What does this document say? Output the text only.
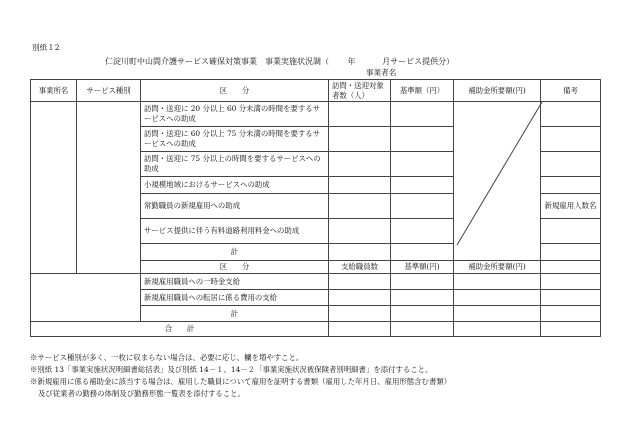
別紙１2
仁淀川町中山間介護サービス確保対策事業　事業実施状況調（　　 年　　　 月サービス提供分）
事業者名
事業所名	サービス種別	区　　分	訪問・送迎対象者数（人）	基準額（円）	補助金所要額(円)	備考
		訪問・送迎に 20 分以上 60 分未満の時間を要するサービスへの助成				
		訪問・送迎に 60 分以上 75 分未満の時間を要するサービスへの助成				
		訪問・送迎に 75 分以上の時間を要するサービスへの助成				
		小規模地域におけるサービスへの助成				
		常勤職員の新規雇用への助成				新規雇用人数名
		サービス提供に伴う有料道路利用料金への助成				
		計				
		区　　分	支給職員数	基準額(円)	補助金所要額(円)	
		新規雇用職員への一時金支給				
		新規雇用職員への転居に係る費用の支給				
		計				
合　　計						
※サービス種別が多く、一枚に収まらない場合は、必要に応じ、欄を増やすこと。
※別紙 13「事業実施状況明細書総括表」及び別紙 14－１、14－２「事業実施状況被保険者別明細書」を添付すること。
※新規雇用に係る補助金に該当する場合は、雇用した職員について雇用を証明する書類（雇用した年月日、雇用形態含む書類）
及び従業者の勤務の体制及び勤務形態一覧表を添付すること。
